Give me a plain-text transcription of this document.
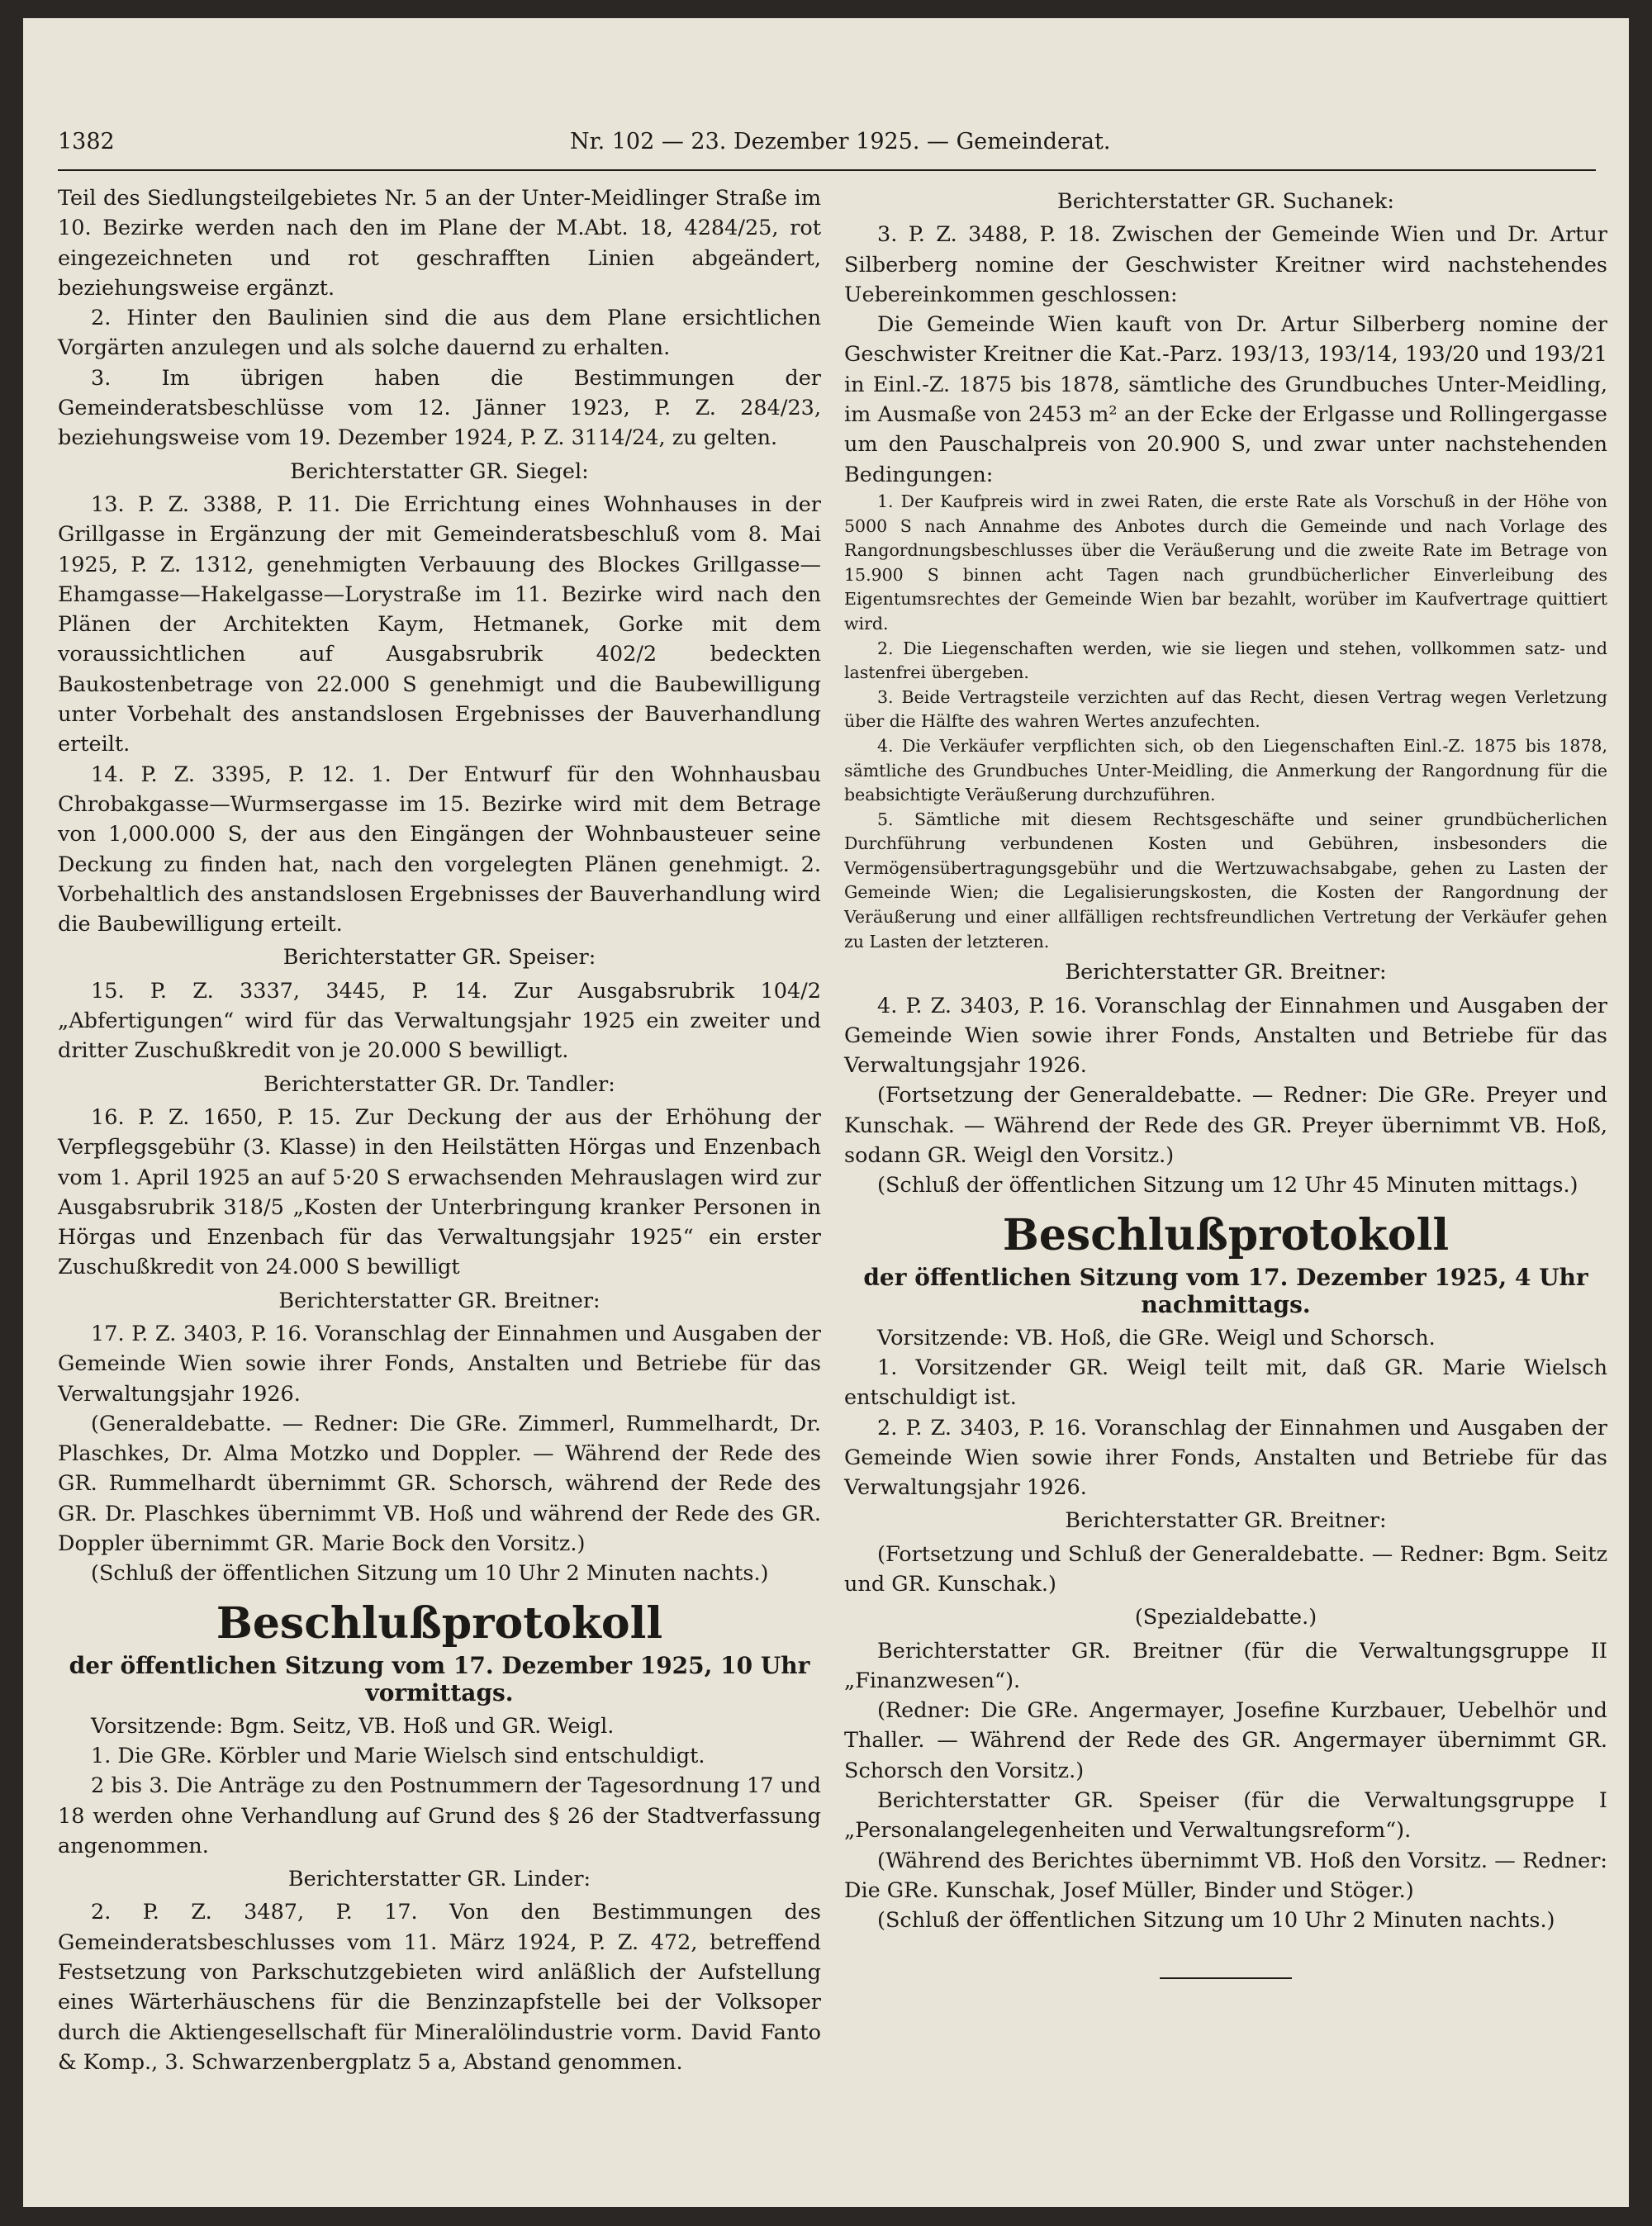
1382	Nr. 102 — 23. Dezember 1925. — Gemeinderat.

Teil des Siedlungsteilgebietes Nr. 5 an der Unter-Meidlinger Straße im 10. Bezirke werden nach den im Plane der M.Abt. 18, 4284/25, rot eingezeichneten und rot geschrafften Linien abgeändert, beziehungsweise ergänzt.

2. Hinter den Baulinien sind die aus dem Plane ersichtlichen Vorgärten anzulegen und als solche dauernd zu erhalten.

3. Im übrigen haben die Bestimmungen der Gemeinderatsbeschlüsse vom 12. Jänner 1923, P. Z. 284/23, beziehungsweise vom 19. Dezember 1924, P. Z. 3114/24, zu gelten.

Berichterstatter GR. Siegel:

13. P. Z. 3388, P. 11. Die Errichtung eines Wohnhauses in der Grillgasse in Ergänzung der mit Gemeinderatsbeschluß vom 8. Mai 1925, P. Z. 1312, genehmigten Verbauung des Blockes Grillgasse—Ehamgasse—Hakelgasse—Lorystraße im 11. Bezirke wird nach den Plänen der Architekten Kaym, Hetmanek, Gorke mit dem voraussichtlichen auf Ausgabsrubrik 402/2 bedeckten Baukostenbetrage von 22.000 S genehmigt und die Baubewilligung unter Vorbehalt des anstandslosen Ergebnisses der Bauverhandlung erteilt.

14. P. Z. 3395, P. 12. 1. Der Entwurf für den Wohnhausbau Chrobakgasse—Wurmsergasse im 15. Bezirke wird mit dem Betrage von 1,000.000 S, der aus den Eingängen der Wohnbausteuer seine Deckung zu finden hat, nach den vorgelegten Plänen genehmigt. 2. Vorbehaltlich des anstandslosen Ergebnisses der Bauverhandlung wird die Baubewilligung erteilt.

Berichterstatter GR. Speiser:

15. P. Z. 3337, 3445, P. 14. Zur Ausgabsrubrik 104/2 „Abfertigungen“ wird für das Verwaltungsjahr 1925 ein zweiter und dritter Zuschußkredit von je 20.000 S bewilligt.

Berichterstatter GR. Dr. Tandler:

16. P. Z. 1650, P. 15. Zur Deckung der aus der Erhöhung der Verpflegsgebühr (3. Klasse) in den Heilstätten Hörgas und Enzenbach vom 1. April 1925 an auf 5·20 S erwachsenden Mehrauslagen wird zur Ausgabsrubrik 318/5 „Kosten der Unterbringung kranker Personen in Hörgas und Enzenbach für das Verwaltungsjahr 1925“ ein erster Zuschußkredit von 24.000 S bewilligt

Berichterstatter GR. Breitner:

17. P. Z. 3403, P. 16. Voranschlag der Einnahmen und Ausgaben der Gemeinde Wien sowie ihrer Fonds, Anstalten und Betriebe für das Verwaltungsjahr 1926.

(Generaldebatte. — Redner: Die GRe. Zimmerl, Rummelhardt, Dr. Plaschkes, Dr. Alma Motzko und Doppler. — Während der Rede des GR. Rummelhardt übernimmt GR. Schorsch, während der Rede des GR. Dr. Plaschkes übernimmt VB. Hoß und während der Rede des GR. Doppler übernimmt GR. Marie Bock den Vorsitz.)

(Schluß der öffentlichen Sitzung um 10 Uhr 2 Minuten nachts.)

Beschlußprotokoll

der öffentlichen Sitzung vom 17. Dezember 1925, 10 Uhr vormittags.

Vorsitzende: Bgm. Seitz, VB. Hoß und GR. Weigl.

1. Die GRe. Körbler und Marie Wielsch sind entschuldigt.

2 bis 3. Die Anträge zu den Postnummern der Tagesordnung 17 und 18 werden ohne Verhandlung auf Grund des § 26 der Stadtverfassung angenommen.

Berichterstatter GR. Linder:

2. P. Z. 3487, P. 17. Von den Bestimmungen des Gemeinderatsbeschlusses vom 11. März 1924, P. Z. 472, betreffend Festsetzung von Parkschutzgebieten wird anläßlich der Aufstellung eines Wärterhäuschens für die Benzinzapfstelle bei der Volksoper durch die Aktiengesellschaft für Mineralölindustrie vorm. David Fanto & Komp., 3. Schwarzenbergplatz 5 a, Abstand genommen.

Berichterstatter GR. Suchanek:

3. P. Z. 3488, P. 18. Zwischen der Gemeinde Wien und Dr. Artur Silberberg nomine der Geschwister Kreitner wird nachstehendes Uebereinkommen geschlossen:

Die Gemeinde Wien kauft von Dr. Artur Silberberg nomine der Geschwister Kreitner die Kat.-Parz. 193/13, 193/14, 193/20 und 193/21 in Einl.-Z. 1875 bis 1878, sämtliche des Grundbuches Unter-Meidling, im Ausmaße von 2453 m² an der Ecke der Erlgasse und Rollingergasse um den Pauschalpreis von 20.900 S, und zwar unter nachstehenden Bedingungen:

1. Der Kaufpreis wird in zwei Raten, die erste Rate als Vorschuß in der Höhe von 5000 S nach Annahme des Anbotes durch die Gemeinde und nach Vorlage des Rangordnungsbeschlusses über die Veräußerung und die zweite Rate im Betrage von 15.900 S binnen acht Tagen nach grundbücherlicher Einverleibung des Eigentumsrechtes der Gemeinde Wien bar bezahlt, worüber im Kaufvertrage quittiert wird.

2. Die Liegenschaften werden, wie sie liegen und stehen, vollkommen satz- und lastenfrei übergeben.

3. Beide Vertragsteile verzichten auf das Recht, diesen Vertrag wegen Verletzung über die Hälfte des wahren Wertes anzufechten.

4. Die Verkäufer verpflichten sich, ob den Liegenschaften Einl.-Z. 1875 bis 1878, sämtliche des Grundbuches Unter-Meidling, die Anmerkung der Rangordnung für die beabsichtigte Veräußerung durchzuführen.

5. Sämtliche mit diesem Rechtsgeschäfte und seiner grundbücherlichen Durchführung verbundenen Kosten und Gebühren, insbesonders die Vermögensübertragungsgebühr und die Wertzuwachsabgabe, gehen zu Lasten der Gemeinde Wien; die Legalisierungskosten, die Kosten der Rangordnung der Veräußerung und einer allfälligen rechtsfreundlichen Vertretung der Verkäufer gehen zu Lasten der letzteren.

Berichterstatter GR. Breitner:

4. P. Z. 3403, P. 16. Voranschlag der Einnahmen und Ausgaben der Gemeinde Wien sowie ihrer Fonds, Anstalten und Betriebe für das Verwaltungsjahr 1926.

(Fortsetzung der Generaldebatte. — Redner: Die GRe. Preyer und Kunschak. — Während der Rede des GR. Preyer übernimmt VB. Hoß, sodann GR. Weigl den Vorsitz.)

(Schluß der öffentlichen Sitzung um 12 Uhr 45 Minuten mittags.)

Beschlußprotokoll

der öffentlichen Sitzung vom 17. Dezember 1925, 4 Uhr nachmittags.

Vorsitzende: VB. Hoß, die GRe. Weigl und Schorsch.

1. Vorsitzender GR. Weigl teilt mit, daß GR. Marie Wielsch entschuldigt ist.

2. P. Z. 3403, P. 16. Voranschlag der Einnahmen und Ausgaben der Gemeinde Wien sowie ihrer Fonds, Anstalten und Betriebe für das Verwaltungsjahr 1926.

Berichterstatter GR. Breitner:

(Fortsetzung und Schluß der Generaldebatte. — Redner: Bgm. Seitz und GR. Kunschak.)

(Spezialdebatte.)

Berichterstatter GR. Breitner (für die Verwaltungsgruppe II „Finanzwesen“).

(Redner: Die GRe. Angermayer, Josefine Kurzbauer, Uebelhör und Thaller. — Während der Rede des GR. Angermayer übernimmt GR. Schorsch den Vorsitz.)

Berichterstatter GR. Speiser (für die Verwaltungsgruppe I „Personalangelegenheiten und Verwaltungsreform“).

(Während des Berichtes übernimmt VB. Hoß den Vorsitz. — Redner: Die GRe. Kunschak, Josef Müller, Binder und Stöger.)

(Schluß der öffentlichen Sitzung um 10 Uhr 2 Minuten nachts.)
